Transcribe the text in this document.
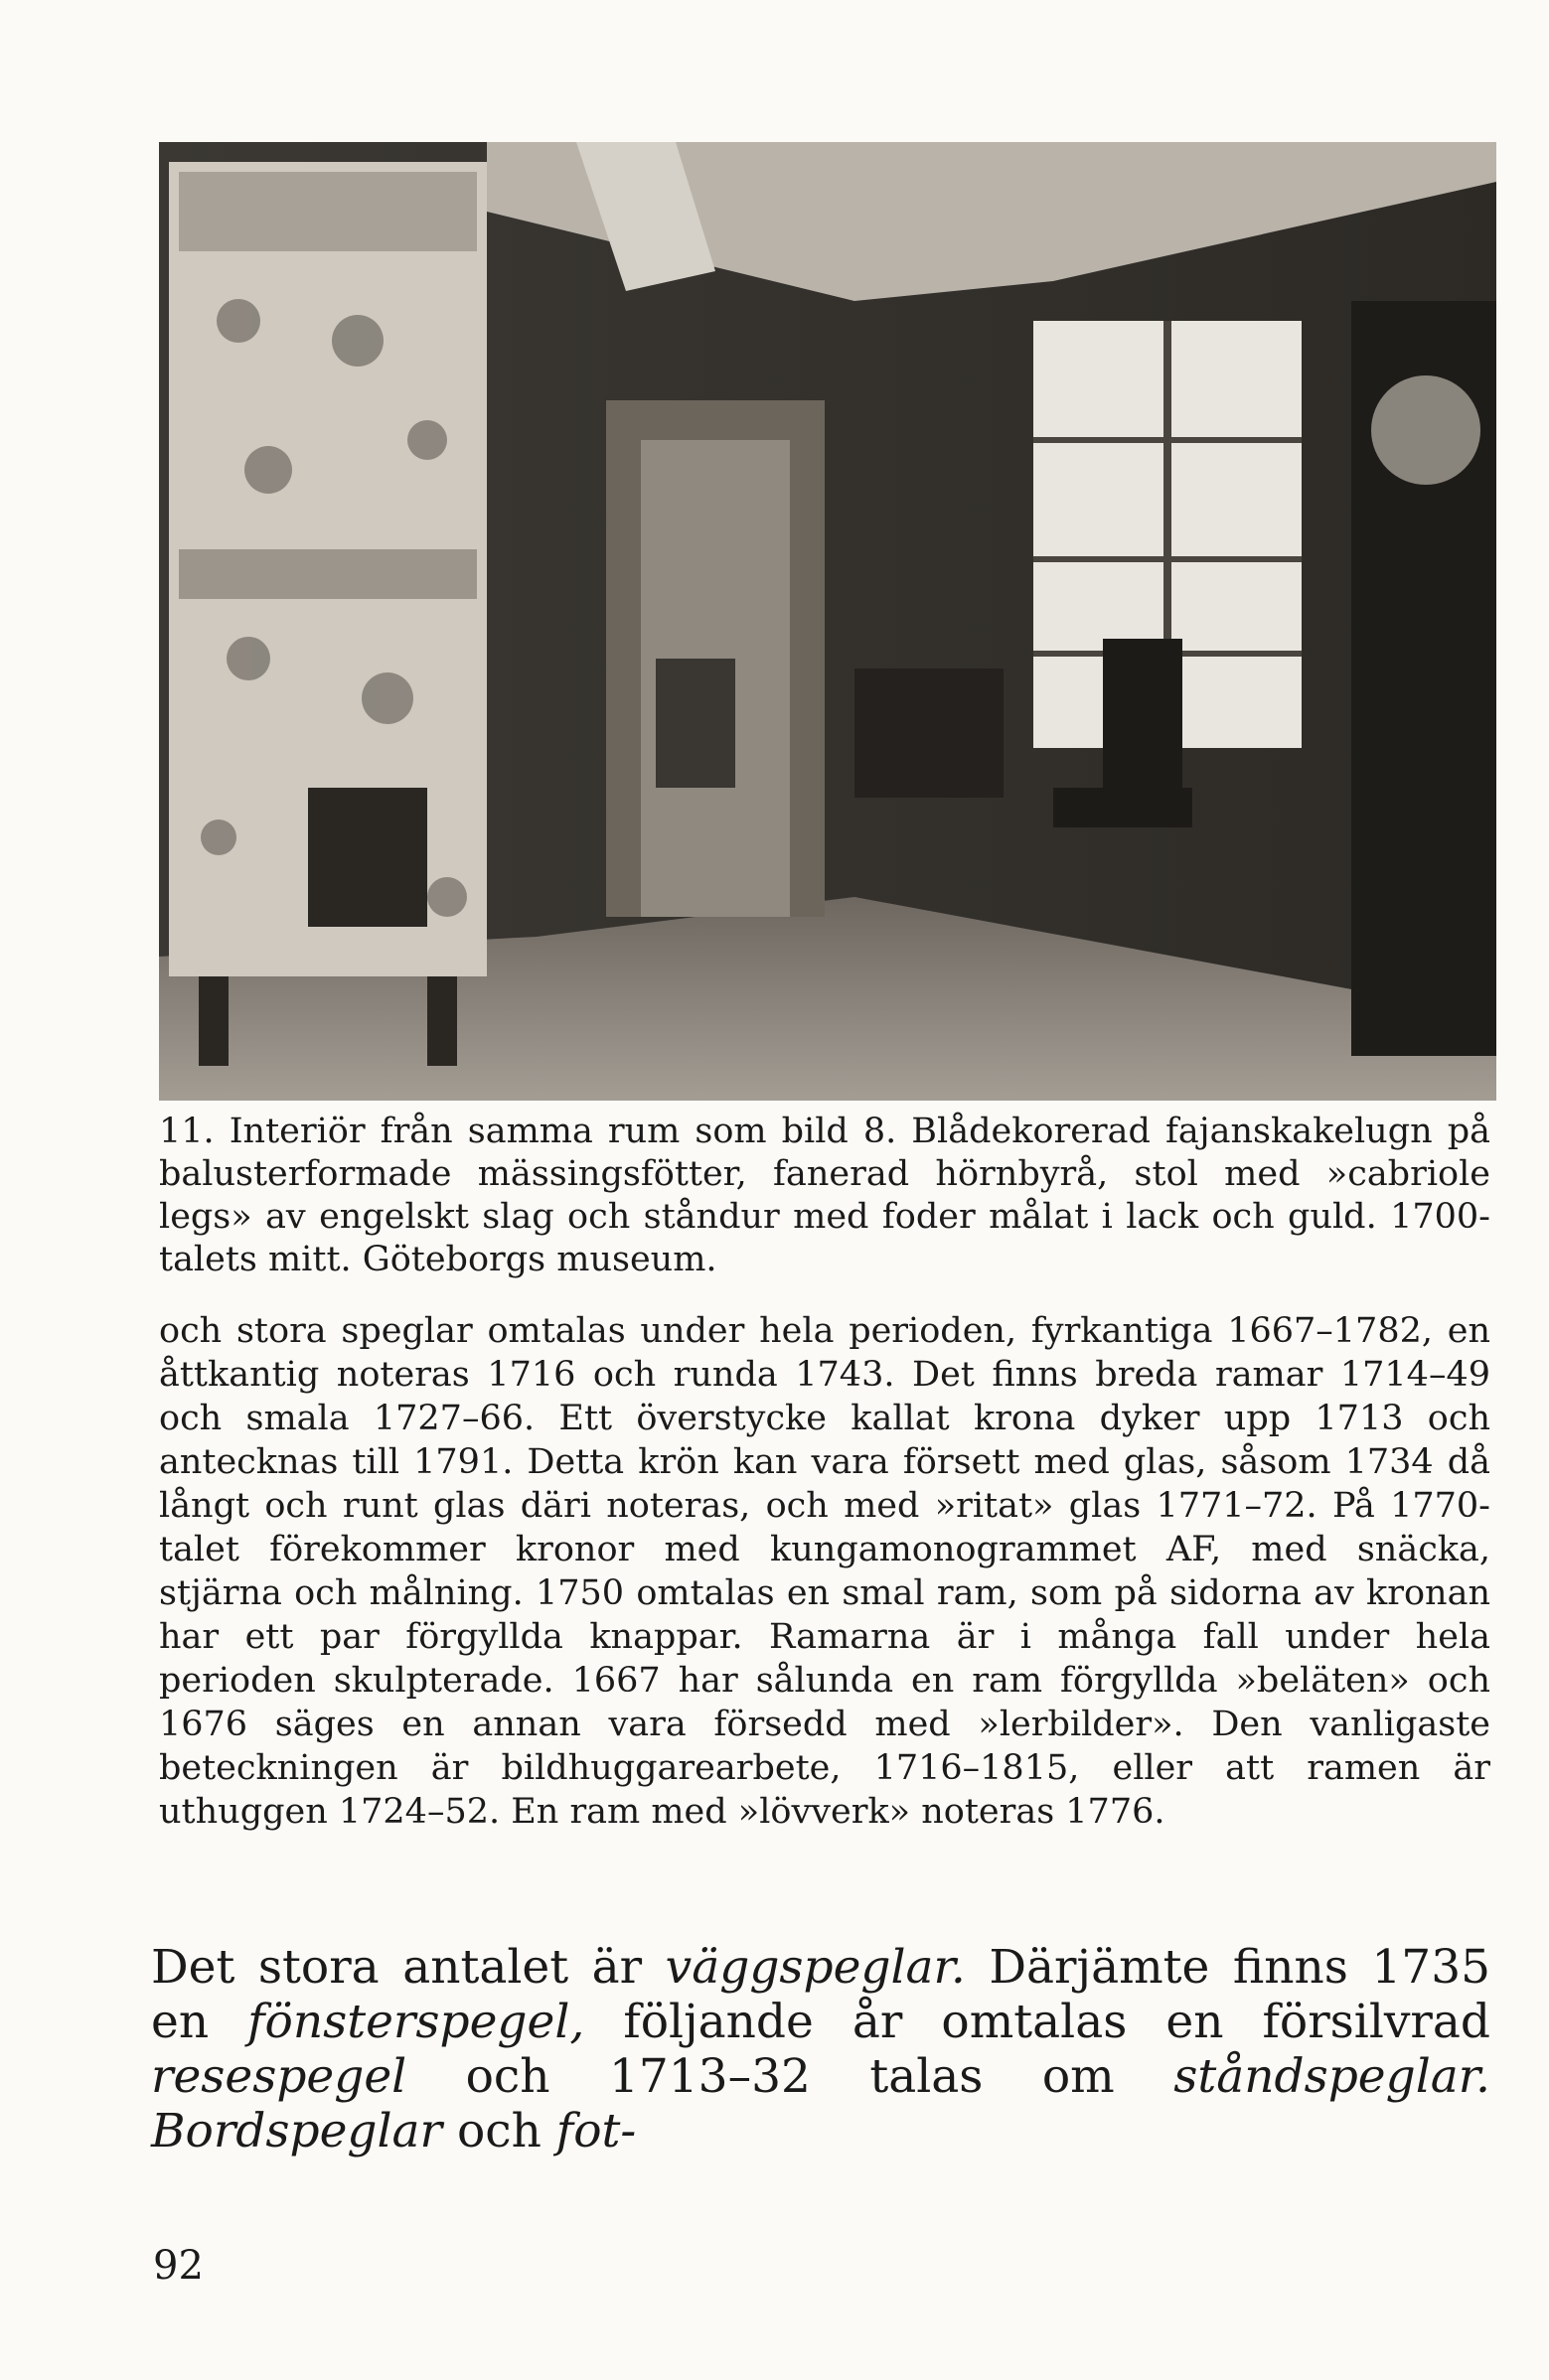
11. Interiör från samma rum som bild 8. Blådekorerad fajanskakelugn på balusterformade mässingsfötter, fanerad hörnbyrå, stol med »cabriole legs» av engelskt slag och ståndur med foder målat i lack och guld. 1700-talets mitt. Göteborgs museum.

och stora speglar omtalas under hela perioden, fyrkantiga 1667–1782, en åttkantig noteras 1716 och runda 1743. Det finns breda ramar 1714–49 och smala 1727–66. Ett överstycke kallat krona dyker upp 1713 och antecknas till 1791. Detta krön kan vara försett med glas, såsom 1734 då långt och runt glas däri noteras, och med »ritat» glas 1771–72. På 1770-talet förekommer kronor med kungamonogrammet AF, med snäcka, stjärna och målning. 1750 omtalas en smal ram, som på sidorna av kronan har ett par förgyllda knappar. Ramarna är i många fall under hela perioden skulpterade. 1667 har sålunda en ram förgyllda »beläten» och 1676 säges en annan vara försedd med »lerbilder». Den vanligaste beteckningen är bildhuggarearbete, 1716–1815, eller att ramen är uthuggen 1724–52. En ram med »lövverk» noteras 1776.

Det stora antalet är väggspeglar. Därjämte finns 1735 en fönsterspegel, följande år omtalas en försilvrad resespegel och 1713–32 talas om ståndspeglar. Bordspeglar och fot-

92
